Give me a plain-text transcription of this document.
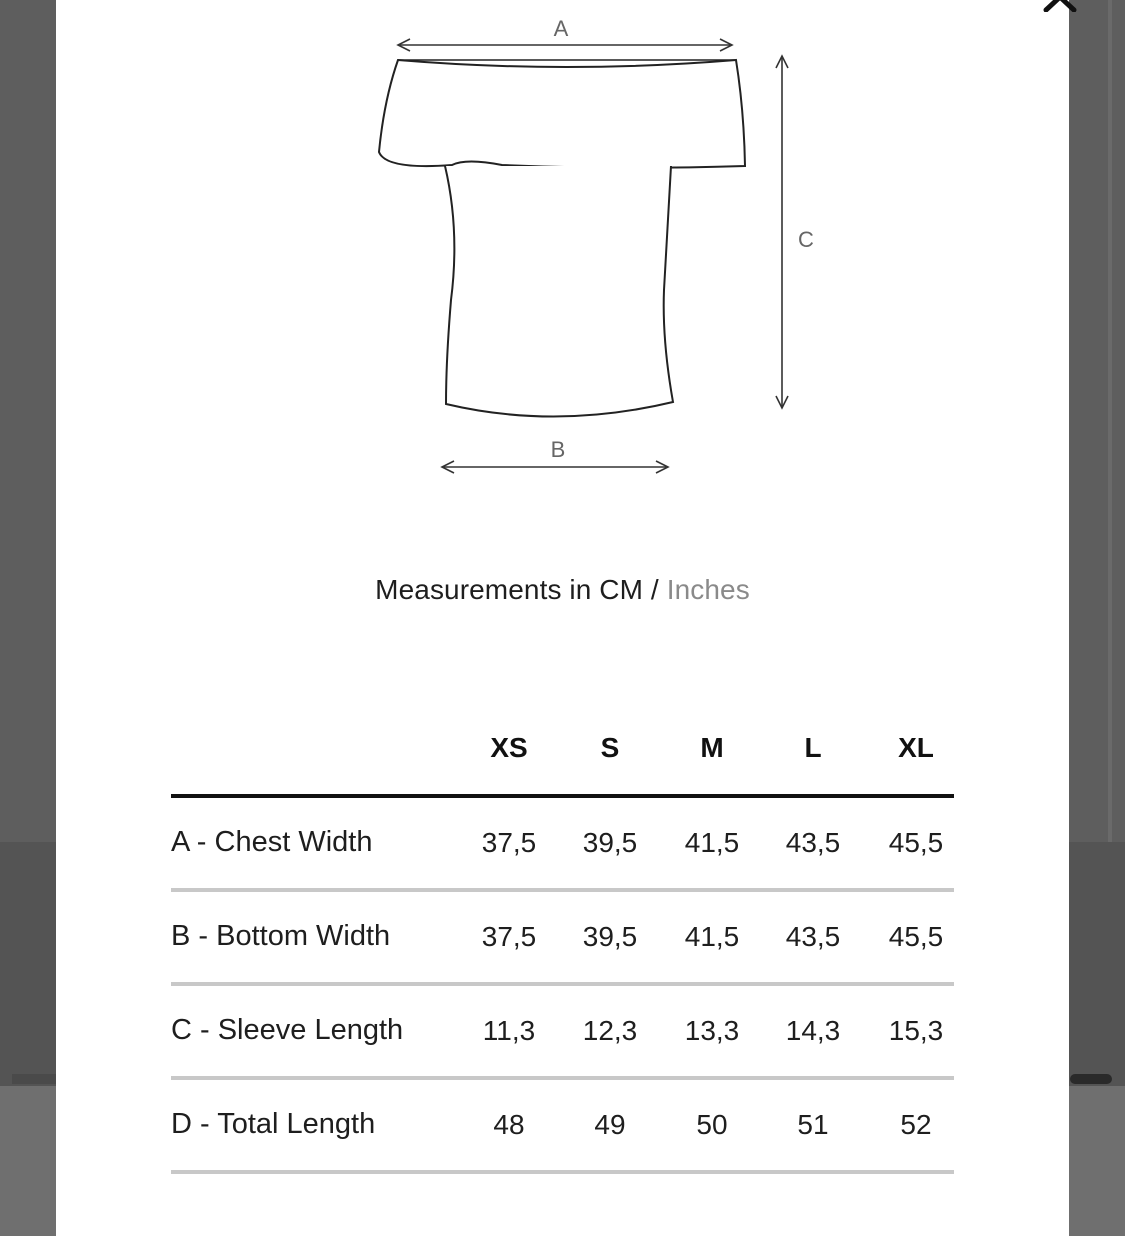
A
C
B
Measurements in CM / Inches
XS	S	M	L	XL
A - Chest Width	37,5	39,5	41,5	43,5	45,5
B - Bottom Width	37,5	39,5	41,5	43,5	45,5
C - Sleeve Length	11,3	12,3	13,3	14,3	15,3
D - Total Length	48	49	50	51	52
